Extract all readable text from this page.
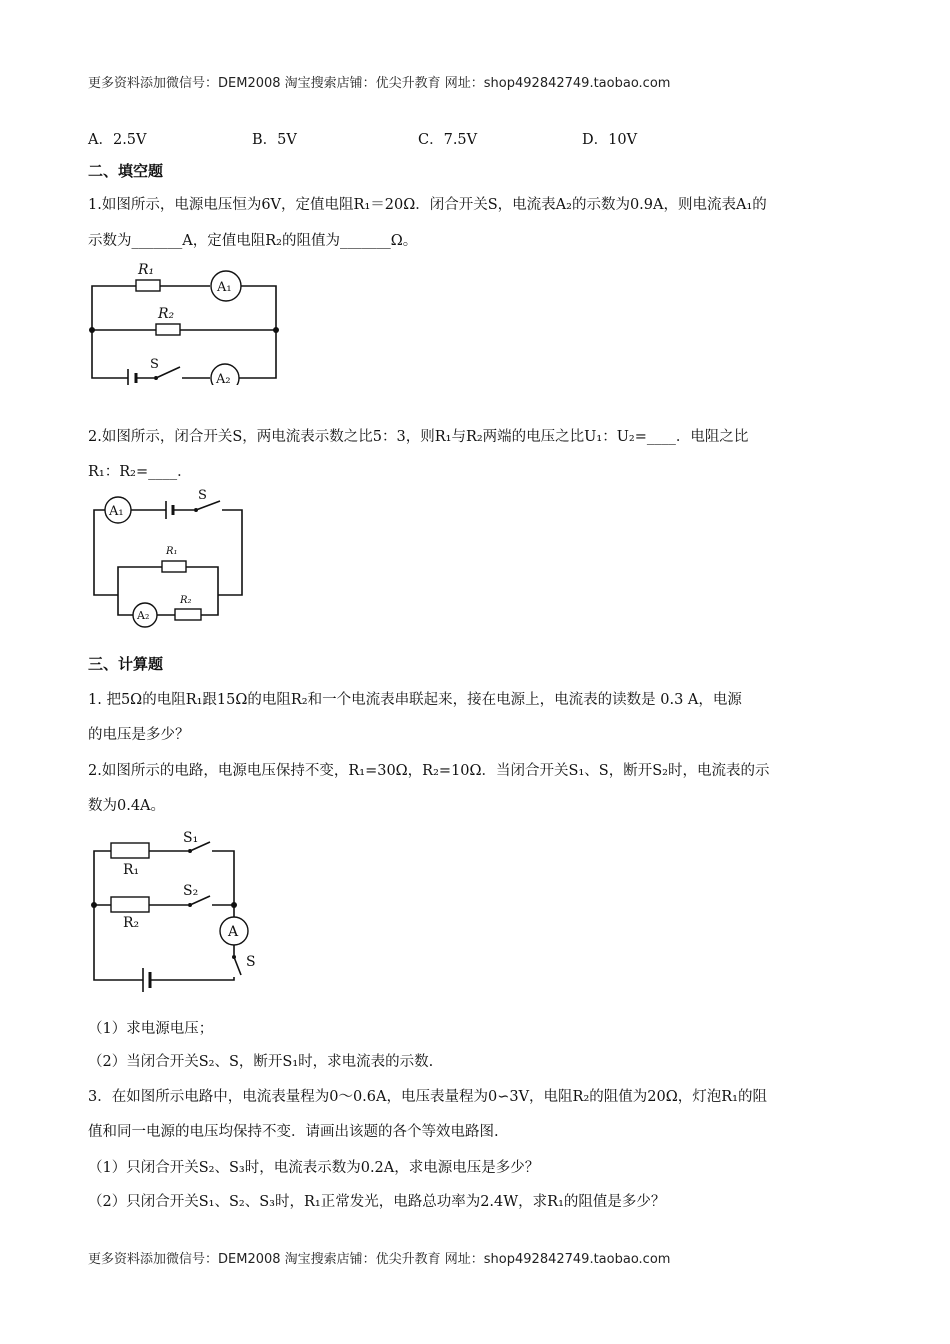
更多资料添加微信号：DEM2008 淘宝搜索店铺：优尖升教育 网址：shop492842749.taobao.com
A．2.5V	B．5V	C．7.5V	D．10V
二、填空题
1.如图所示，电源电压恒为6V，定值电阻R₁＝20Ω．闭合开关S，电流表A₂的示数为0.9A，则电流表A₁的
示数为_______A，定值电阻R₂的阻值为_______Ω。
R₁
A₁
R₂
S
A₂
2.如图所示，闭合开关S，两电流表示数之比5：3，则R₁与R₂两端的电压之比U₁：U₂=____．电阻之比
R₁：R₂=____．
A₁
S
R₁
A₂
R₂
三、计算题
1. 把5Ω的电阻R₁跟15Ω的电阻R₂和一个电流表串联起来，接在电源上，电流表的读数是 0.3 A，电源
的电压是多少？
2.如图所示的电路，电源电压保持不变，R₁=30Ω，R₂=10Ω．当闭合开关S₁、S，断开S₂时，电流表的示
数为0.4A。
R₁
S₁
R₂
S₂
A
S
（1）求电源电压；
（2）当闭合开关S₂、S，断开S₁时，求电流表的示数.
3．在如图所示电路中，电流表量程为0～0.6A，电压表量程为0∽3V，电阻R₂的阻值为20Ω，灯泡R₁的阻
值和同一电源的电压均保持不变．请画出该题的各个等效电路图.
（1）只闭合开关S₂、S₃时，电流表示数为0.2A，求电源电压是多少？
（2）只闭合开关S₁、S₂、S₃时，R₁正常发光，电路总功率为2.4W，求R₁的阻值是多少？
更多资料添加微信号：DEM2008 淘宝搜索店铺：优尖升教育 网址：shop492842749.taobao.com
